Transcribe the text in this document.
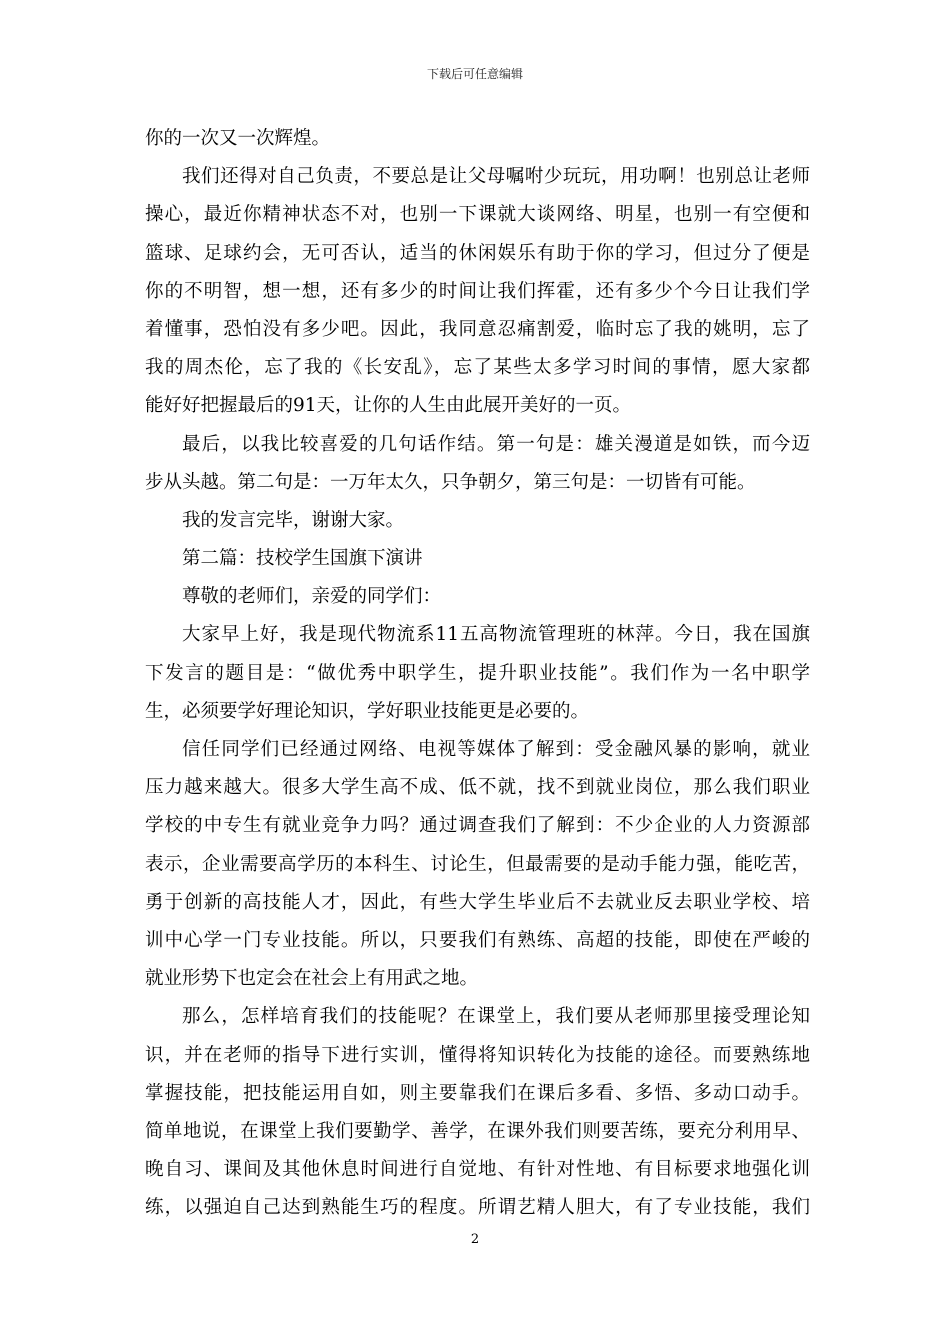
下载后可任意编辑
你的一次又一次辉煌。
我们还得对自己负责，不要总是让父母嘱咐少玩玩，用功啊！也别总让老师
操心，最近你精神状态不对，也别一下课就大谈网络、明星，也别一有空便和
篮球、足球约会，无可否认，适当的休闲娱乐有助于你的学习，但过分了便是
你的不明智，想一想，还有多少的时间让我们挥霍，还有多少个今日让我们学
着懂事，恐怕没有多少吧。因此，我同意忍痛割爱，临时忘了我的姚明，忘了
我的周杰伦，忘了我的《长安乱》，忘了某些太多学习时间的事情，愿大家都
能好好把握最后的91天，让你的人生由此展开美好的一页。
最后，以我比较喜爱的几句话作结。第一句是：雄关漫道是如铁，而今迈
步从头越。第二句是：一万年太久，只争朝夕，第三句是：一切皆有可能。
我的发言完毕，谢谢大家。
第二篇：技校学生国旗下演讲
尊敬的老师们，亲爱的同学们：
大家早上好，我是现代物流系11五高物流管理班的林萍。今日，我在国旗
下发言的题目是：“做优秀中职学生，提升职业技能”。我们作为一名中职学
生，必须要学好理论知识，学好职业技能更是必要的。
信任同学们已经通过网络、电视等媒体了解到：受金融风暴的影响，就业
压力越来越大。很多大学生高不成、低不就，找不到就业岗位，那么我们职业
学校的中专生有就业竞争力吗？通过调查我们了解到：不少企业的人力资源部
表示，企业需要高学历的本科生、讨论生，但最需要的是动手能力强，能吃苦，
勇于创新的高技能人才，因此，有些大学生毕业后不去就业反去职业学校、培
训中心学一门专业技能。所以，只要我们有熟练、高超的技能，即使在严峻的
就业形势下也定会在社会上有用武之地。
那么，怎样培育我们的技能呢？在课堂上，我们要从老师那里接受理论知
识，并在老师的指导下进行实训，懂得将知识转化为技能的途径。而要熟练地
掌握技能，把技能运用自如，则主要靠我们在课后多看、多悟、多动口动手。
简单地说，在课堂上我们要勤学、善学，在课外我们则要苦练，要充分利用早、
晚自习、课间及其他休息时间进行自觉地、有针对性地、有目标要求地强化训
练，以强迫自己达到熟能生巧的程度。所谓艺精人胆大，有了专业技能，我们
2
